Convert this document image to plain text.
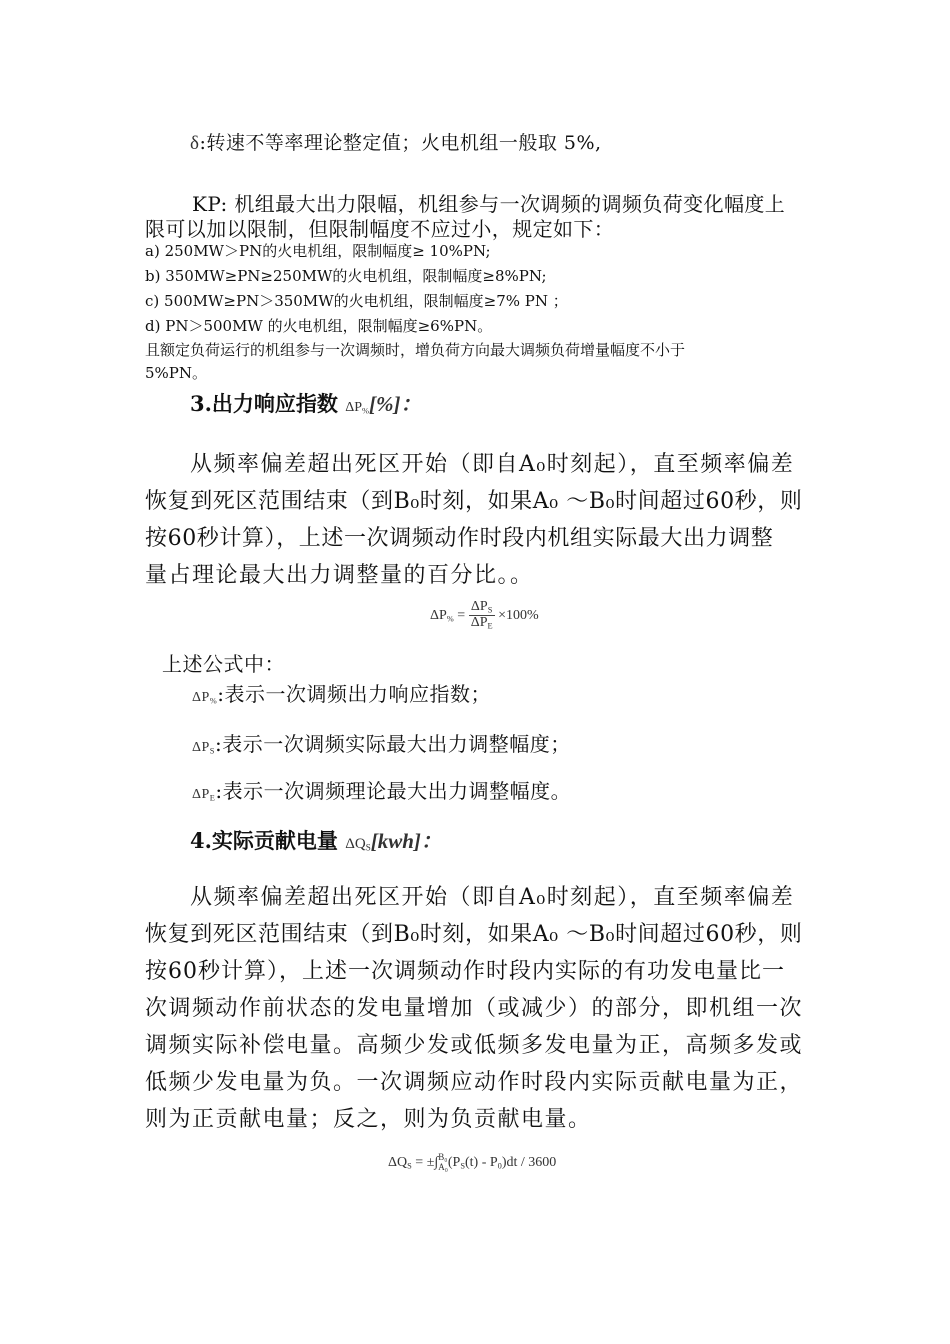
δ:转速不等率理论整定值；火电机组一般取 5%,
KP: 机组最大出力限幅，机组参与一次调频的调频负荷变化幅度上
限可以加以限制，但限制幅度不应过小，规定如下：
a) 250MW＞PN的火电机组，限制幅度≥ 10%PN;
b) 350MW≥PN≥250MW的火电机组，限制幅度≥8%PN;
c) 500MW≥PN＞350MW的火电机组，限制幅度≥7% PN ；
d) PN＞500MW 的火电机组，限制幅度≥6%PN。
且额定负荷运行的机组参与一次调频时，增负荷方向最大调频负荷增量幅度不小于
5%PN。
3.出力响应指数 $\Delta P_{\%}[\%]$：
从频率偏差超出死区开始（即自A₀时刻起），直至频率偏差
恢复到死区范围结束（到B₀时刻，如果A₀ ～B₀时间超过60秒，则
按60秒计算），上述一次调频动作时段内机组实际最大出力调整
量占理论最大出力调整量的百分比。。
$\Delta P_{\%} = \frac{\Delta P_S}{\Delta P_E} \times 100\%$
上述公式中：
$\Delta P_{\%}$:表示一次调频出力响应指数；
$\Delta P_S$:表示一次调频实际最大出力调整幅度；
$\Delta P_E$:表示一次调频理论最大出力调整幅度。
4.实际贡献电量 $\Delta Q_S[kwh]$：
从频率偏差超出死区开始（即自A₀时刻起），直至频率偏差
恢复到死区范围结束（到B₀时刻，如果A₀ ～B₀时间超过60秒，则
按60秒计算），上述一次调频动作时段内实际的有功发电量比一
次调频动作前状态的发电量增加（或减少）的部分，即机组一次
调频实际补偿电量。高频少发或低频多发电量为正，高频多发或
低频少发电量为负。一次调频应动作时段内实际贡献电量为正，
则为正贡献电量；反之，则为负贡献电量。
$\Delta Q_S$ = ±∫ B₀
A₀ $(P_S(t) - P_0)dt / 3600$
